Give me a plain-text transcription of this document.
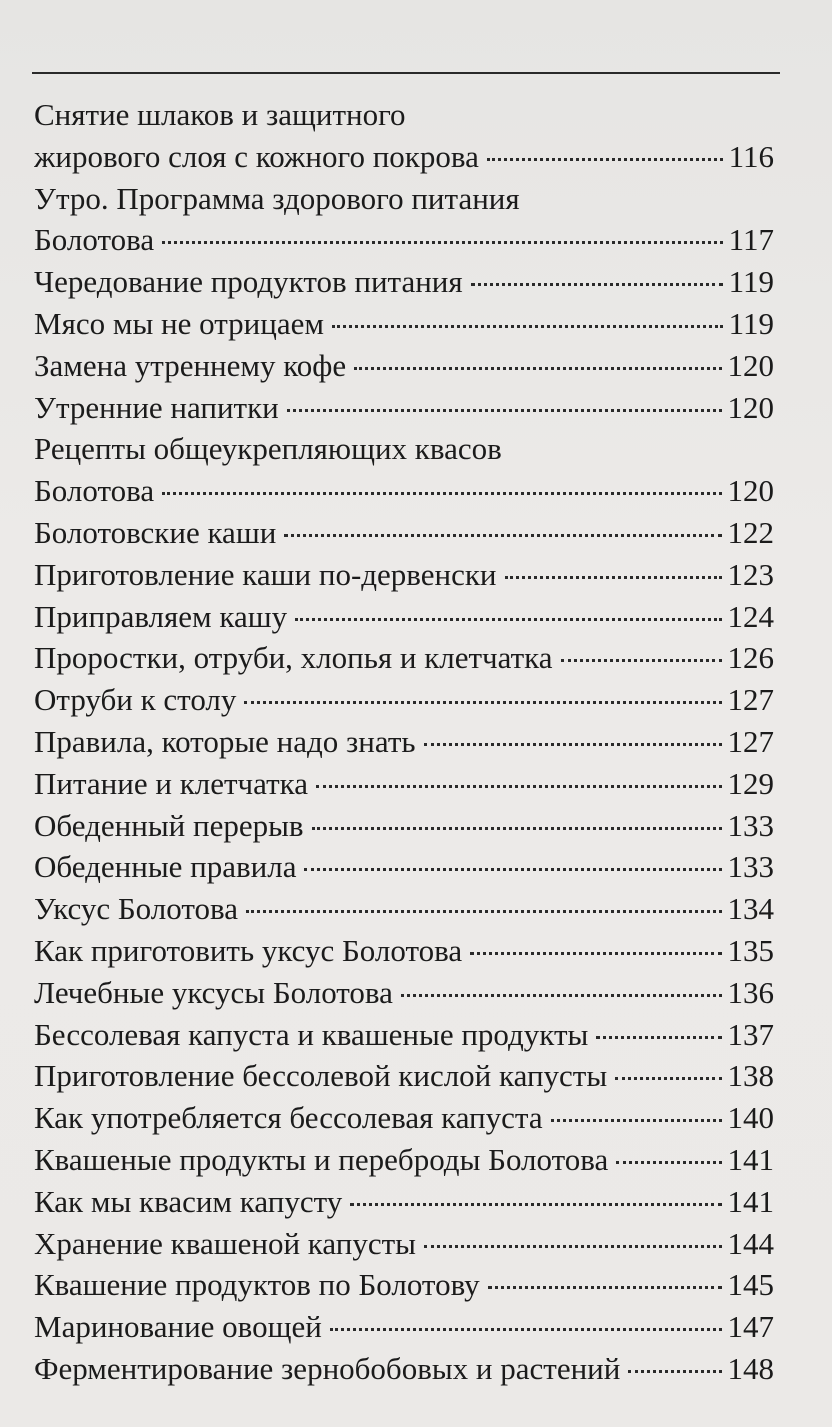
Снятие шлаков и защитного
жирового слоя с кожного покрова	116
Утро. Программа здорового питания
Болотова	117
Чередование продуктов питания	119
Мясо мы не отрицаем	119
Замена утреннему кофе	120
Утренние напитки	120
Рецепты общеукрепляющих квасов
Болотова	120
Болотовские каши	122
Приготовление каши по-дервенски	123
Приправляем кашу	124
Проростки, отруби, хлопья и клетчатка	126
Отруби к столу	127
Правила, которые надо знать	127
Питание и клетчатка	129
Обеденный перерыв	133
Обеденные правила	133
Уксус Болотова	134
Как приготовить уксус Болотова	135
Лечебные уксусы Болотова	136
Бессолевая капуста и квашеные продукты	137
Приготовление бессолевой кислой капусты	138
Как употребляется бессолевая капуста	140
Квашеные продукты и переброды Болотова	141
Как мы квасим капусту	141
Хранение квашеной капусты	144
Квашение продуктов по Болотову	145
Маринование овощей	147
Ферментирование зернобобовых и растений	148
